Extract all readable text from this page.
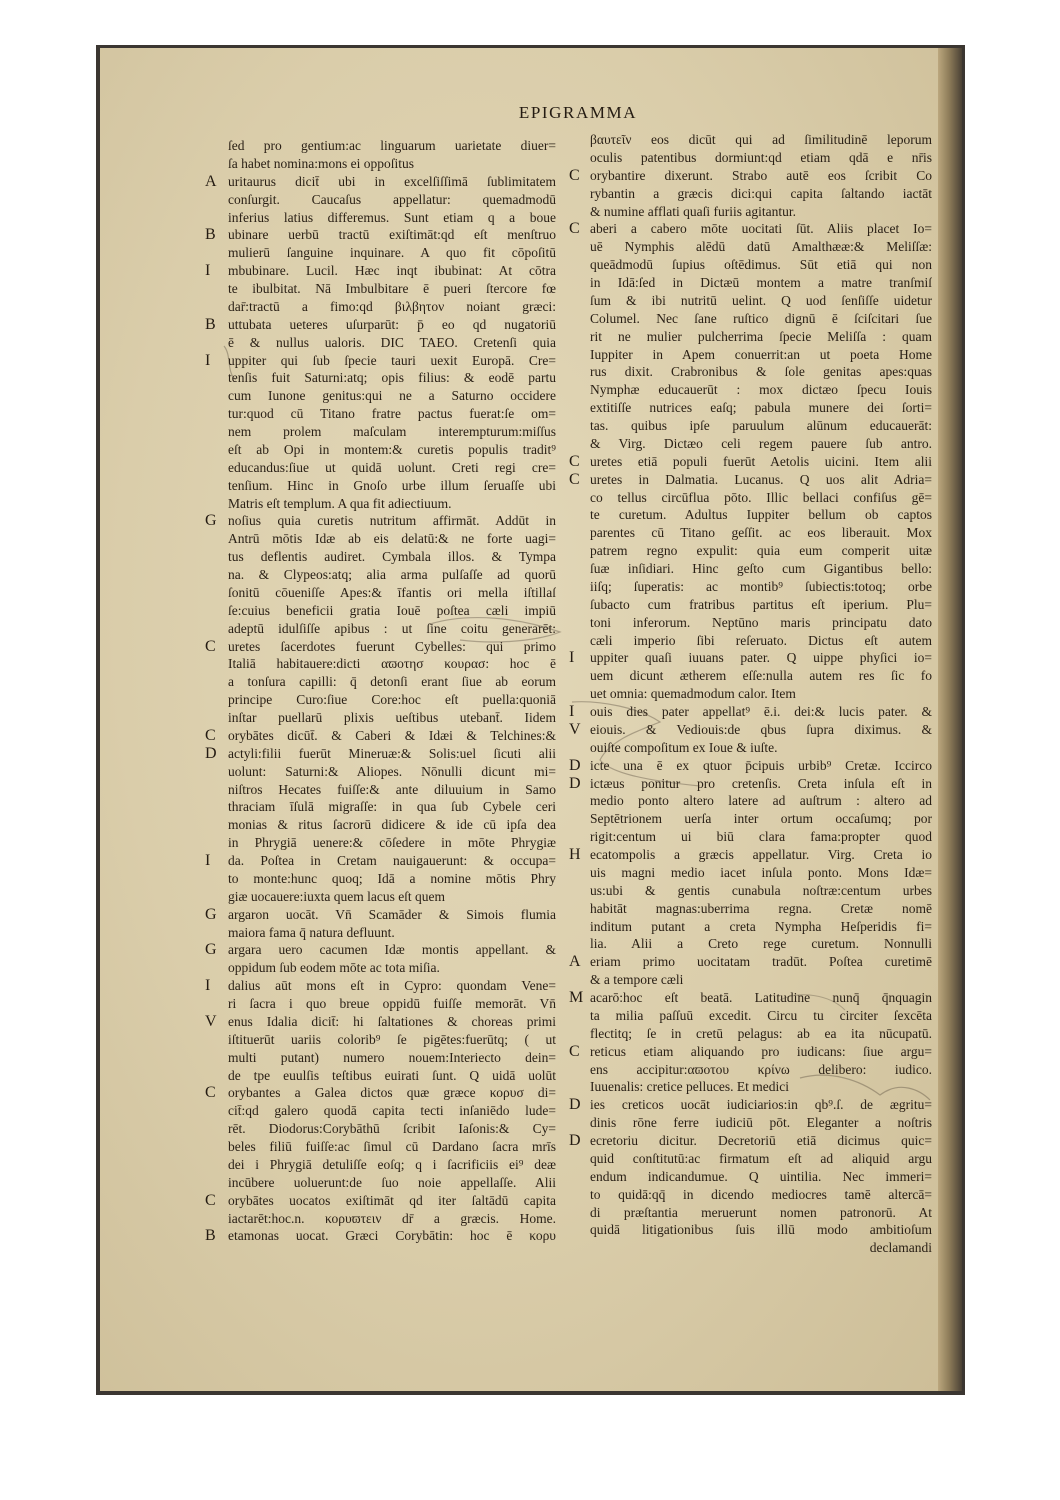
EPIGRAMMA
ſed pro gentium:ac linguarum uarietate diuer=
ſa habet nomina:mons ei oppoſitus
A uritaurus dicit̄ ubi in excelſiſſimā ſublimitatem
conſurgit. Caucaſus appellatur: quemadmodū
inferius latius differemus. Sunt etiam q a boue
B ubinare uerbū tractū exiſtimāt:qd eſt menſtruo
mulierū ſanguine inquinare. A quo fit cōpoſitū
I mbubinare. Lucil. Hæc inqt ibubinat: At cōtra
te ibulbitat. Nā Imbulbitare ē pueri ſtercore fœ
dar̄:tractū a fimo:qd βιλβητον noiant græci:
B uttubata ueteres uſurparūt: p̄ eo qd nugatoriū
ē & nullus ualoris. DIC TAEO. Cretenſi quia
I uppiter qui ſub ſpecie tauri uexit Europā. Cre=
tenſis fuit Saturni:atq; opis filius: & eodē partu
cum Iunone genitus:qui ne a Saturno occidere
tur:quod cū Titano fratre pactus fuerat:ſe om=
nem prolem maſculam interempturum:miſſus
eſt ab Opi in montem:& curetis populis tradit⁹
educandus:ſiue ut quidā uolunt. Creti regi cre=
tenſium. Hinc in Gnoſo urbe illum ſeruaſſe ubi
Matris eſt templum. A qua fit adiectiuum.
G noſius quia curetis nutritum affirmāt. Addūt in
Antrū mōtis Idæ ab eis delatū:& ne forte uagi=
tus deflentis audiret. Cymbala illos. & Tympa
na. & Clypeos:atq; alia arma pulſaſſe ad quorū
ſonitū cōueniſſe Apes:& īfantis ori mella iſtillaſ
ſe:cuius beneficii gratia Iouē poſtea cæli impiū
adeptū idulſiſſe apibus : ut ſine coitu generarēt:
C uretes ſacerdotes fuerunt Cybelles: qui primo
Italiā habitauere:dicti αϖοτησ κουρασ: hoc ē
a tonſura capilli: q̄ detonſi erant ſiue ab eorum
principe Curo:ſiue Core:hoc eſt puella:quoniā
inſtar puellarū plixis ueſtibus utebant̄. Iidem
C orybātes dicūt̄. & Caberi & Idæi & Telchines:&
D actyli:filii fuerūt Mineruæ:& Solis:uel ſicuti alii
uolunt: Saturni:& Aliopes. Nōnulli dicunt mi=
niſtros Hecates fuiſſe:& ante diluuium in Samo
thraciam īſulā migraſſe: in qua ſub Cybele ceri
monias & ritus ſacrorū didicere & ide cū ipſa dea
in Phrygiā uenere:& cōſedere in mōte Phrygiæ
I da. Poſtea in Cretam nauigauerunt: & occupa=
to monte:hunc quoq; Idā a nomine mōtis Phry
giæ uocauere:iuxta quem lacus eſt quem
G argaron uocāt. Vn̄ Scamāder & Simois flumia
maiora fama q̄ natura defluunt.
G argara uero cacumen Idæ montis appellant. &
oppidum ſub eodem mōte ac tota miſia.
I dalius aūt mons eſt in Cypro: quondam Vene=
ri ſacra i quo breue oppidū fuiſſe memorāt. Vn̄
V enus Idalia dicit̄: hi ſaltationes & choreas primi
iſtituerūt uariis colorib⁹ ſe pigētes:fuerūtq; ( ut
multi putant) numero nouem:Interiecto dein=
de tpe euulſis teſtibus euirati ſunt. Q uidā uolūt
C orybantes a Galea dictos quæ græce κορυσ di=
cit̄:qd galero quodā capita tecti inſaniēdo lude=
rēt. Diodorus:Corybāthū ſcribit Iaſonis:& Cy=
beles filiū fuiſſe:ac ſimul cū Dardano ſacra mrīs
dei i Phrygiā detuliſſe eoſq; q i ſacrificiis ei⁹ deæ
incūbere uoluerunt:de ſuo noie appellaſſe. Alii
C orybātes uocatos exiſtimāt qd iter ſaltādū capita
iactarēt:hoc.n. κορυϖτειν dr̄ a græcis. Home.
B etamonas uocat. Græci Corybātin: hoc ē κορυ
βαυτεῖν eos dicūt qui ad ſimilitudinē leporum
oculis patentibus dormiunt:qd etiam qdā e nr̄is
C orybantire dixerunt. Strabo autē eos ſcribit Co
rybantin a græcis dici:qui capita ſaltando iactāt
& numine afflati quaſi furiis agitantur.
C aberi a cabero mōte uocitati ſūt. Aliis placet Io=
uē Nymphis alēdū datū Amalthææ:& Meliſſæ:
queādmodū ſupius oſtēdimus. Sūt etiā qui non
in Idā:ſed in Dictæū montem a matre tranſmiſ
ſum & ibi nutritū uelint. Q uod ſenſiſſe uidetur
Columel. Nec ſane ruſtico dignū ē ſciſcitari ſue
rit ne mulier pulcherrima ſpecie Meliſſa : quam
Iuppiter in Apem conuerrit:an ut poeta Home
rus dixit. Crabronibus & ſole genitas apes:quas
Nymphæ educauerūt : mox dictæo ſpecu Iouis
extitiſſe nutrices eaſq; pabula munere dei ſorti=
tas. quibus ipſe paruulum alūnum educauerāt:
& Virg. Dictæo celi regem pauere ſub antro.
C uretes etiā populi fuerūt Aetolis uicini. Item alii
C uretes in Dalmatia. Lucanus. Q uos alit Adria=
co tellus circūflua pōto. Illic bellaci confiſus gē=
te curetum. Adultus Iuppiter bellum ob captos
parentes cū Titano geſſit. ac eos liberauit. Mox
patrem regno expulit: quia eum comperit uitæ
ſuæ inſidiari. Hinc geſto cum Gigantibus bello:
iiſq; ſuperatis: ac montib⁹ ſubiectis:totoq; orbe
ſubacto cum fratribus partitus eſt iperium. Plu=
toni inferorum. Neptūno maris principatu dato
cæli imperio ſibi reſeruato. Dictus eſt autem
I uppiter quaſi iuuans pater. Q uippe phyſici io=
uem dicunt ætherem eſſe:nulla autem res ſic fo
uet omnia: quemadmodum calor. Item
I ouis dies pater appellat⁹ ē.i. dei:& lucis pater. &
V eiouis. & Vediouis:de qbus ſupra diximus. &
ouiſte compoſitum ex Ioue & iuſte.
D icte una ē ex qtuor p̄cipuis urbib⁹ Cretæ. Iccirco
D ictæus ponitur pro cretenſis. Creta inſula eſt in
medio ponto altero latere ad auſtrum : altero ad
Septētrionem uerſa inter ortum occaſumq; por
rigit:centum ui biū clara fama:propter quod
H ecatompolis a græcis appellatur. Virg. Creta io
uis magni medio iacet inſula ponto. Mons Idæ=
us:ubi & gentis cunabula noſtræ:centum urbes
habitāt magnas:uberrima regna. Cretæ nomē
inditum putant a creta Nympha Heſperidis fi=
lia. Alii a Creto rege curetum. Nonnulli
A eriam primo uocitatam tradūt. Poſtea curetimē
& a tempore cæli
M acarō:hoc eſt beatā. Latitudine nunq̄ q̄nquagin
ta milia paſſuū excedit. Circu tu circiter ſexcēta
flectitq; ſe in cretū pelagus: ab ea ita nūcupatū.
C reticus etiam aliquando pro iudicans: ſiue argu=
ens accipitur:αϖοτου κρίνω delibero: iudico.
Iuuenalis: cretice pelluces. Et medici
D ies creticos uocāt iudiciarios:in qb⁹.ſ. de ægritu=
dinis rōne ferre iudiciū pōt. Eleganter a noſtris
D ecretoriu dicitur. Decretoriū etiā dicimus quic=
quid conſtitutū:ac firmatum eſt ad aliquid argu
endum indicandumue. Q uintilia. Nec immeri=
to quidā:qq̄ in dicendo mediocres tamē altercā=
di præſtantia meruerunt nomen patronorū. At
quidā litigationibus ſuis illū modo ambitioſum
declamandi
